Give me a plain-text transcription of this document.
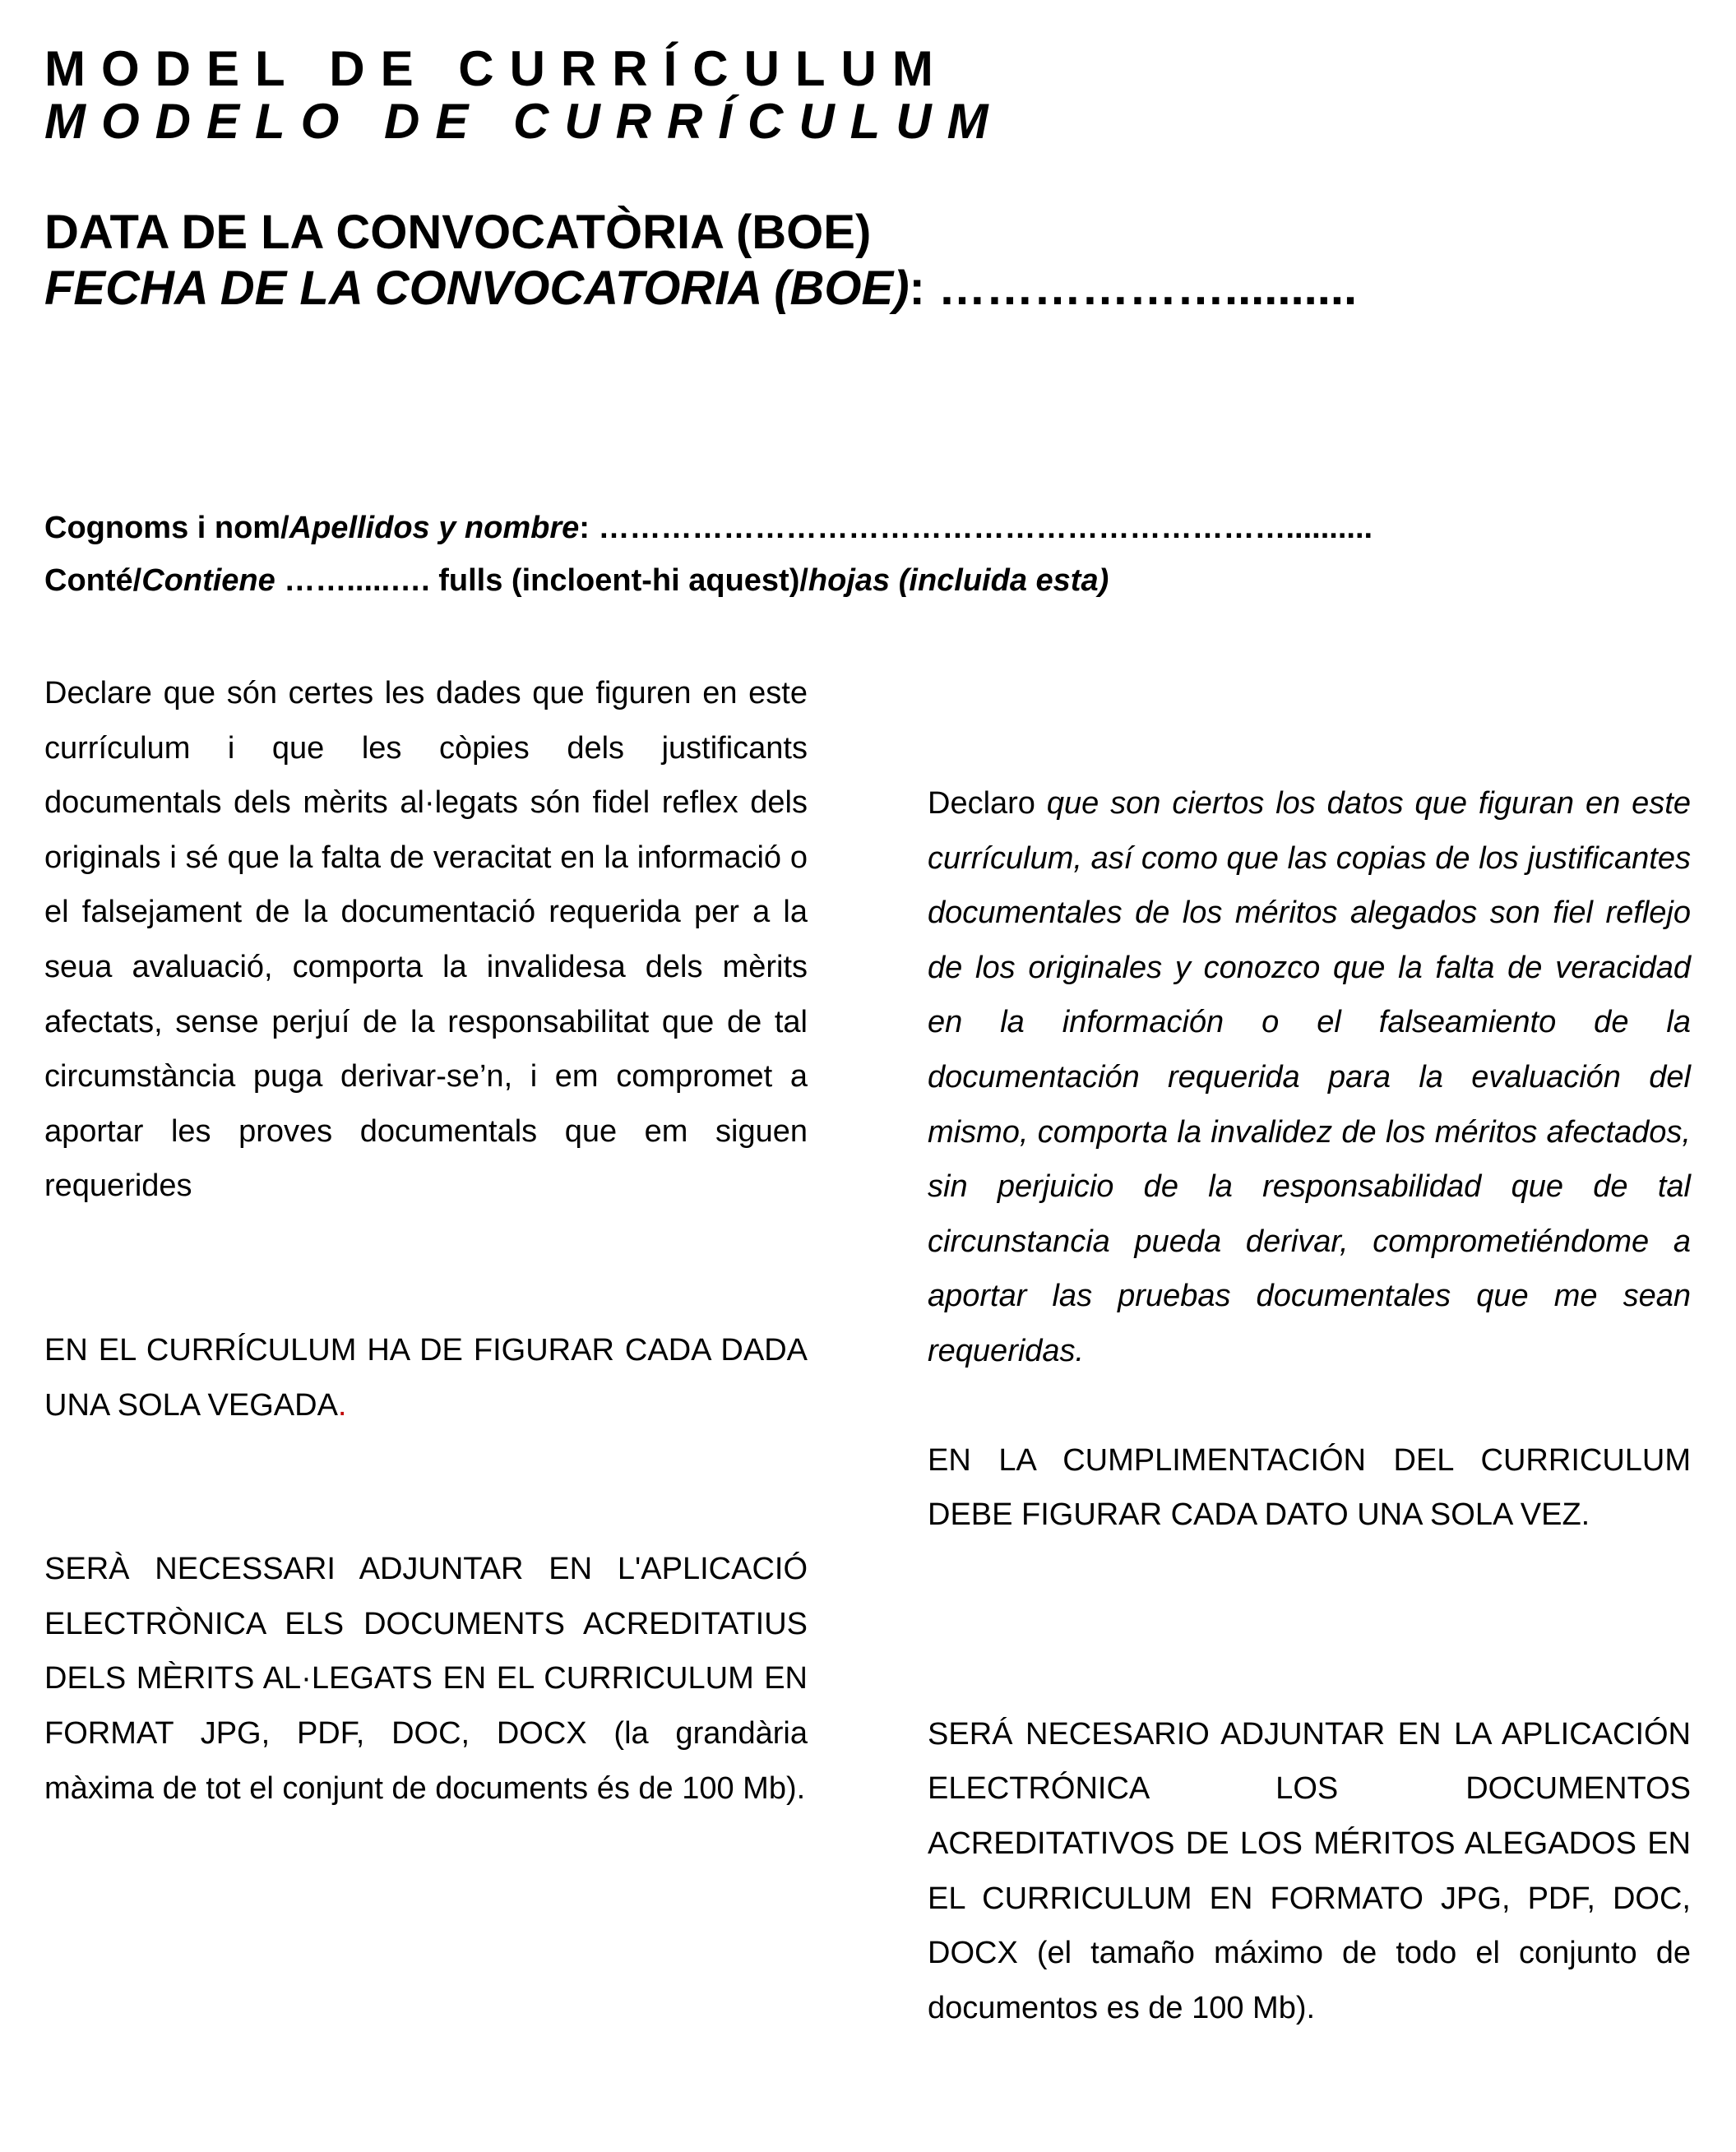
MODEL DE CURRÍCULUM
MODELO DE CURRÍCULUM
DATA DE LA CONVOCATÒRIA (BOE)
FECHA DE LA CONVOCATORIA (BOE): ………………..........
Cognoms i nom/Apellidos y nombre: …………………………………………………………..........
Conté/Contiene …….....…. fulls (incloent-hi aquest)/hojas (incluida esta)

Declare que són certes les dades que figuren en este currículum i que les còpies dels justificants documentals dels mèrits al·legats són fidel reflex dels originals i sé que la falta de veracitat en la informació o el falsejament de la documentació requerida per a la seua avaluació, comporta la invalidesa dels mèrits afectats, sense perjuí de la responsabilitat que de tal circumstància puga derivar-se’n, i em compromet a aportar les proves documentals que em siguen requerides

EN EL CURRÍCULUM HA DE FIGURAR CADA DADA UNA SOLA VEGADA.

SERÀ NECESSARI ADJUNTAR EN L'APLICACIÓ ELECTRÒNICA ELS DOCUMENTS ACREDITATIUS DELS MÈRITS AL·LEGATS EN EL CURRICULUM EN FORMAT JPG, PDF, DOC, DOCX (la grandària màxima de tot el conjunt de documents és de 100 Mb).

Declaro que son ciertos los datos que figuran en este currículum, así como que las copias de los justificantes documentales de los méritos alegados son fiel reflejo de los originales y conozco que la falta de veracidad en la información o el falseamiento de la documentación requerida para la evaluación del mismo, comporta la invalidez de los méritos afectados, sin perjuicio de la responsabilidad que de tal circunstancia pueda derivar, comprometiéndome a aportar las pruebas documentales que me sean requeridas.

EN LA CUMPLIMENTACIÓN DEL CURRICULUM DEBE FIGURAR CADA DATO UNA SOLA VEZ.

SERÁ NECESARIO ADJUNTAR EN LA APLICACIÓN ELECTRÓNICA LOS DOCUMENTOS ACREDITATIVOS DE LOS MÉRITOS ALEGADOS EN EL CURRICULUM EN FORMATO JPG, PDF, DOC, DOCX (el tamaño máximo de todo el conjunto de documentos es de 100 Mb).
